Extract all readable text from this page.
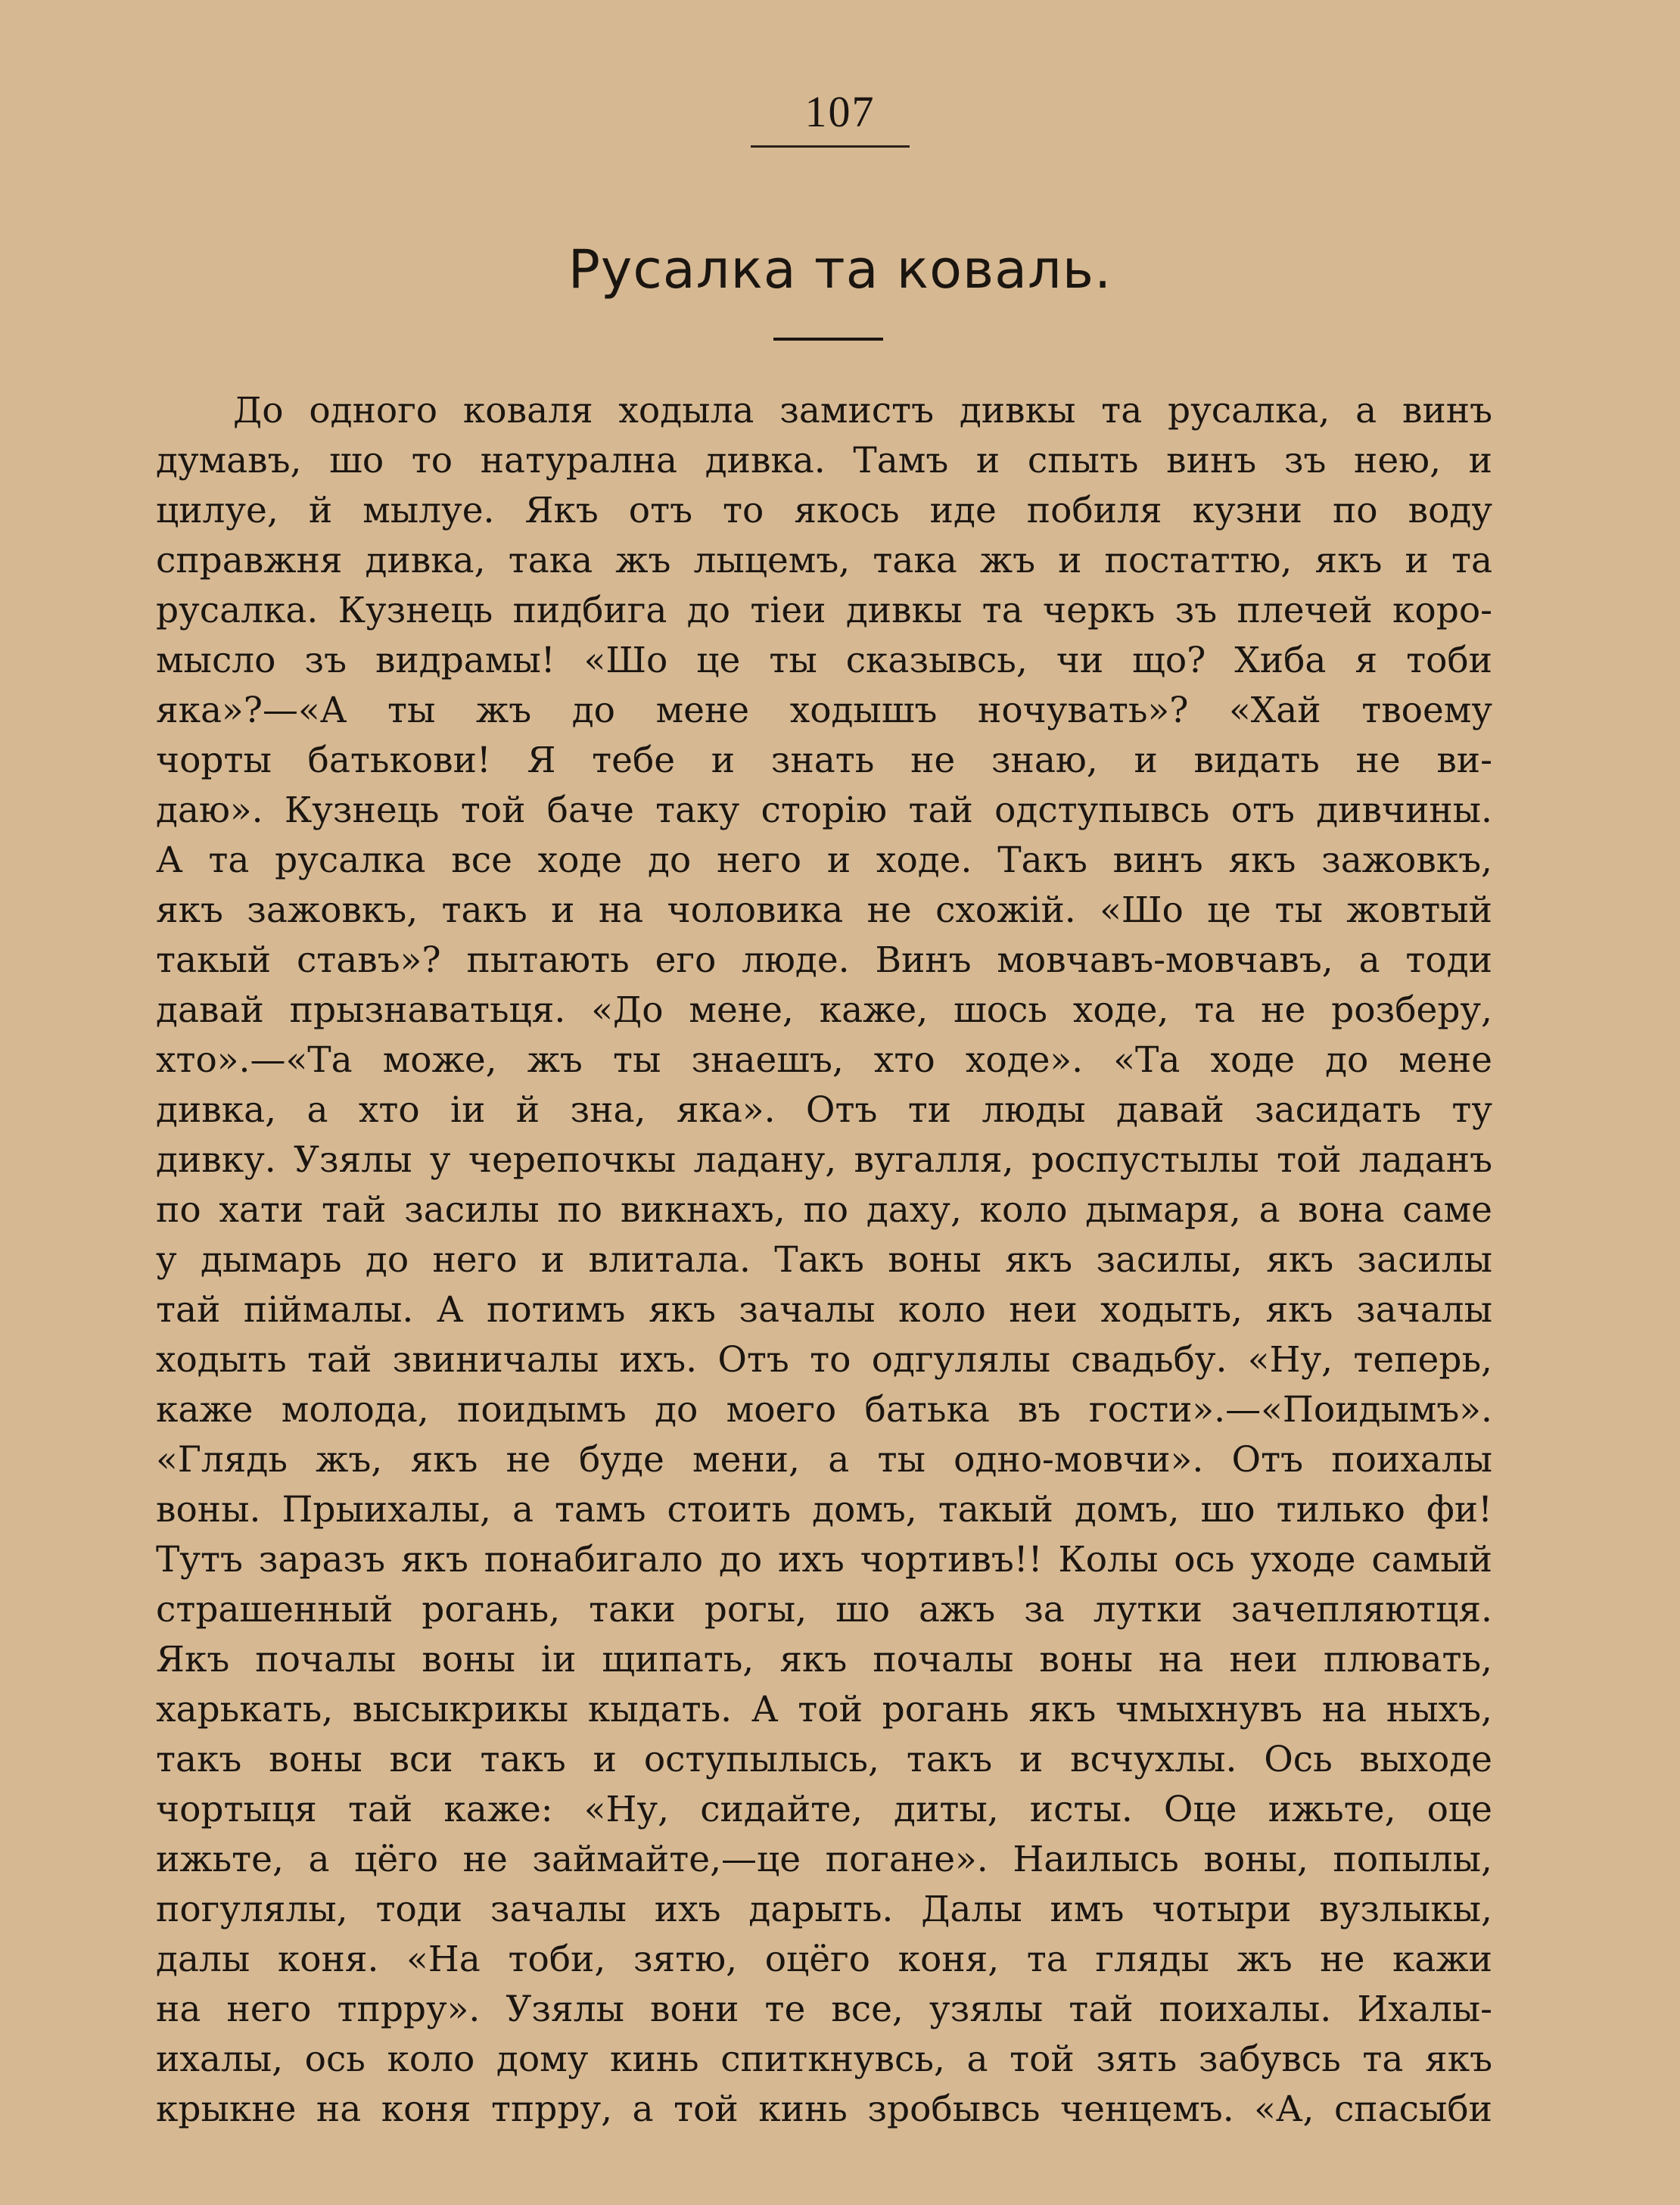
107
Русалка та коваль.
До одного коваля ходыла замистъ дивкы та русалка, а винъ
думавъ, шо то натурална дивка. Тамъ и спыть винъ зъ нею, и
цилуе, й мылуе. Якъ отъ то якось иде побиля кузни по воду
справжня дивка, така жъ лыцемъ, така жъ и постаттю, якъ и та
русалка. Кузнець пидбига до тіеи дивкы та черкъ зъ плечей коро-
мысло зъ видрамы! «Шо це ты сказывсь, чи що? Хиба я тоби
яка»?—«А ты жъ до мене ходышъ ночувать»? «Хай твоему
чорты батькови! Я тебе и знать не знаю, и видать не ви-
даю». Кузнець той баче таку сторію тай одступывсь отъ дивчины.
А та русалка все ходе до него и ходе. Такъ винъ якъ зажовкъ,
якъ зажовкъ, такъ и на чоловика не схожій. «Шо це ты жовтый
такый ставъ»? пытають его люде. Винъ мовчавъ-мовчавъ, а тоди
давай прызнаватьця. «До мене, каже, шось ходе, та не розберу,
хто».—«Та може, жъ ты знаешъ, хто ходе». «Та ходе до мене
дивка, а хто іи й зна, яка». Отъ ти люды давай засидать ту
дивку. Узялы у черепочкы ладану, вугалля, роспустылы той ладанъ
по хати тай засилы по викнахъ, по даху, коло дымаря, а вона саме
у дымарь до него и влитала. Такъ воны якъ засилы, якъ засилы
тай піймалы. А потимъ якъ зачалы коло неи ходыть, якъ зачалы
ходыть тай звиничалы ихъ. Отъ то одгулялы свадьбу. «Ну, теперь,
каже молода, поидымъ до моего батька въ гости».—«Поидымъ».
«Глядь жъ, якъ не буде мени, а ты одно-мовчи». Отъ поихалы
воны. Прыихалы, а тамъ стоить домъ, такый домъ, шо тилько фи!
Тутъ заразъ якъ понабигало до ихъ чортивъ!! Колы ось уходе самый
страшенный рогань, таки рогы, шо ажъ за лутки зачепляютця.
Якъ почалы воны іи щипать, якъ почалы воны на неи плювать,
харькать, высыкрикы кыдать. А той рогань якъ чмыхнувъ на ныхъ,
такъ воны вси такъ и оступылысь, такъ и всчухлы. Ось выходе
чортыця тай каже: «Ну, сидайте, диты, исты. Оце ижьте, оце
ижьте, а цёго не займайте,—це погане». Наилысь воны, попылы,
погулялы, тоди зачалы ихъ дарыть. Далы имъ чотыри вузлыкы,
далы коня. «На тоби, зятю, оцёго коня, та гляды жъ не кажи
на него тпрру». Узялы вони те все, узялы тай поихалы. Ихалы-
ихалы, ось коло дому кинь спиткнувсь, а той зять забувсь та якъ
крыкне на коня тпрру, а той кинь зробывсь ченцемъ. «А, спасыби
